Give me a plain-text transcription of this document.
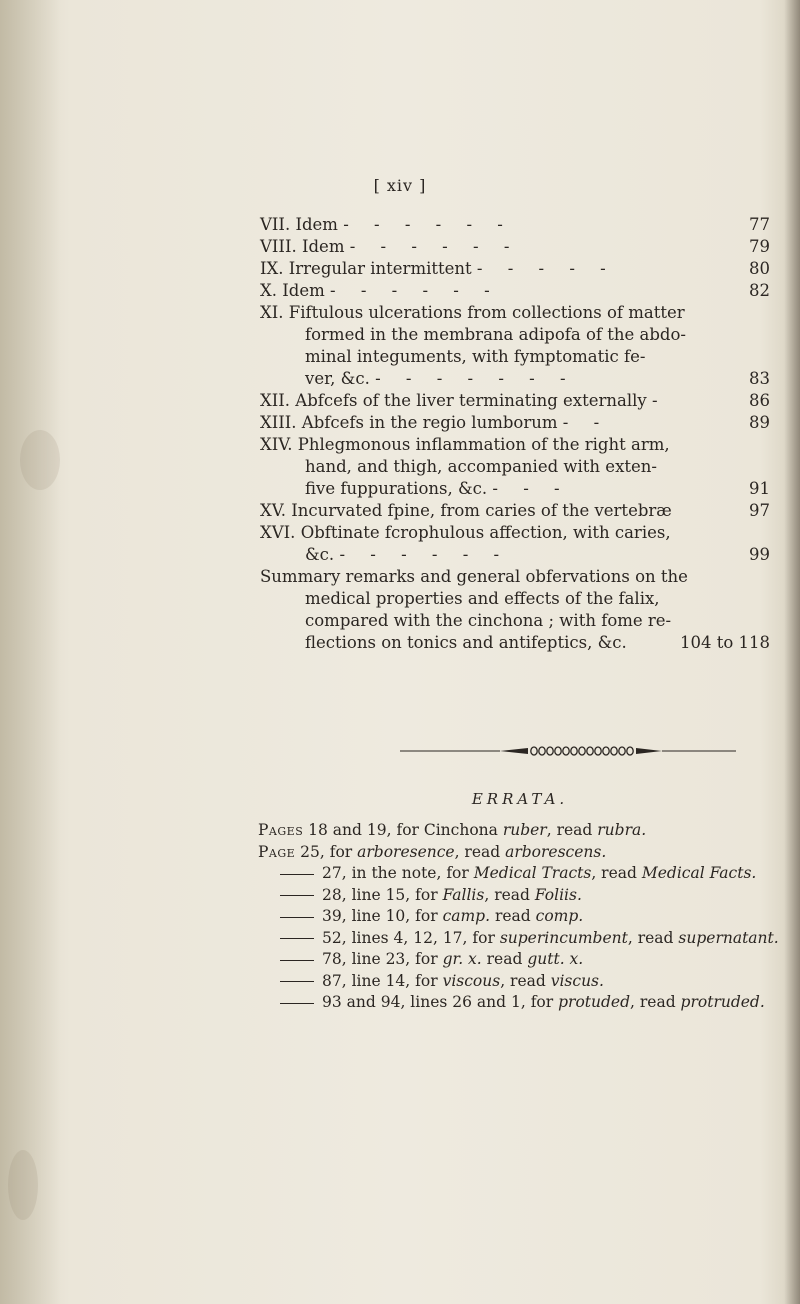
[ xiv ]
VII. Idem - - - - - -	77
VIII. Idem - - - - - -	79
IX. Irregular intermittent - - - - -	80
X. Idem - - - - - -	82
XI. Fiftulous ulcerations from collections of matter
formed in the membrana adipofa of the abdo-
minal integuments, with fymptomatic fe-
ver, &c. - - - - - - -	83
XII. Abfcefs of the liver terminating externally -	86
XIII. Abfcefs in the regio lumborum - -	89
XIV. Phlegmonous inflammation of the right arm,
hand, and thigh, accompanied with exten-
five fuppurations, &c. - - -	91
XV. Incurvated fpine, from caries of the vertebræ	97
XVI. Obftinate fcrophulous affection, with caries,
&c. - - - - - -	99
Summary remarks and general obfervations on the
medical properties and effects of the falix,
compared with the cinchona ; with fome re-
flections on tonics and antifeptics, &c.	104 to 118
ERRATA.
Pages 18 and 19, for Cinchona ruber, read rubra.
Page 25, for arboresence, read arborescens.
27, in the note, for Medical Tracts, read Medical Facts.
28, line 15, for Fallis, read Foliis.
39, line 10, for camp. read comp.
52, lines 4, 12, 17, for superincumbent, read supernatant.
78, line 23, for gr. x. read gutt. x.
87, line 14, for viscous, read viscus.
93 and 94, lines 26 and 1, for protuded, read protruded.
